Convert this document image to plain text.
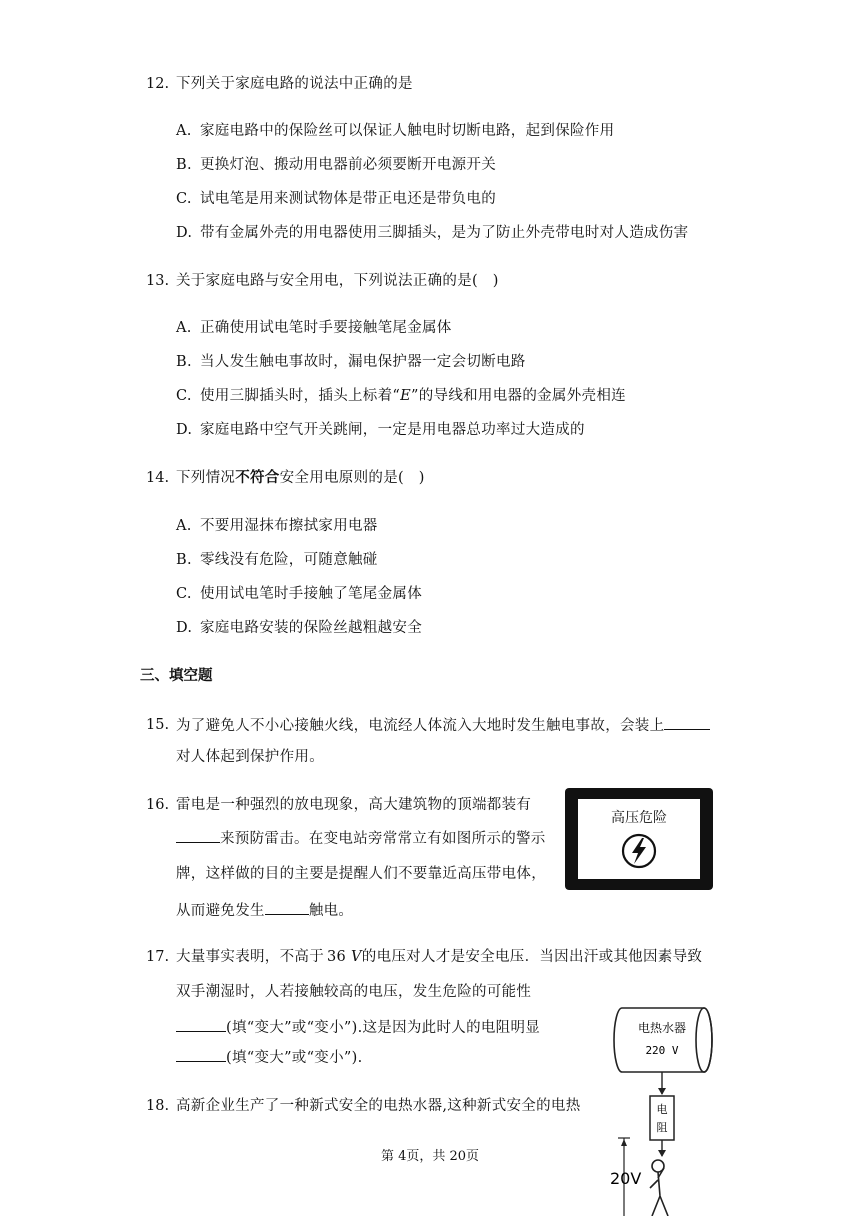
12. 下列关于家庭电路的说法中正确的是
A. 家庭电路中的保险丝可以保证人触电时切断电路，起到保险作用
B. 更换灯泡、搬动用电器前必须要断开电源开关
C. 试电笔是用来测试物体是带正电还是带负电的
D. 带有金属外壳的用电器使用三脚插头，是为了防止外壳带电时对人造成伤害
13. 关于家庭电路与安全用电，下列说法正确的是(　)
A. 正确使用试电笔时手要接触笔尾金属体
B. 当人发生触电事故时，漏电保护器一定会切断电路
C. 使用三脚插头时，插头上标着“E”的导线和用电器的金属外壳相连
D. 家庭电路中空气开关跳闸，一定是用电器总功率过大造成的
14. 下列情况不符合安全用电原则的是(　)
A. 不要用湿抹布擦拭家用电器
B. 零线没有危险，可随意触碰
C. 使用试电笔时手接触了笔尾金属体
D. 家庭电路安装的保险丝越粗越安全
三、填空题
15. 为了避免人不小心接触火线，电流经人体流入大地时发生触电事故，会装上
对人体起到保护作用。
16. 雷电是一种强烈的放电现象，高大建筑物的顶端都装有
来预防雷击。在变电站旁常常立有如图所示的警示
牌，这样做的目的主要是提醒人们不要靠近高压带电体，
从而避免发生	触电。
高压危险
17. 大量事实表明，不高于 36 V的电压对人才是安全电压．当因出汗或其他因素导致
双手潮湿时，人若接触较高的电压，发生危险的可能性
(填“变大”或“变小”).这是因为此时人的电阻明显
(填“变大”或“变小”).
18. 高新企业生产了一种新式安全的电热水器,这种新式安全的电热
电热水器
220 V
电
阻
20V
第 4页，共 20页
